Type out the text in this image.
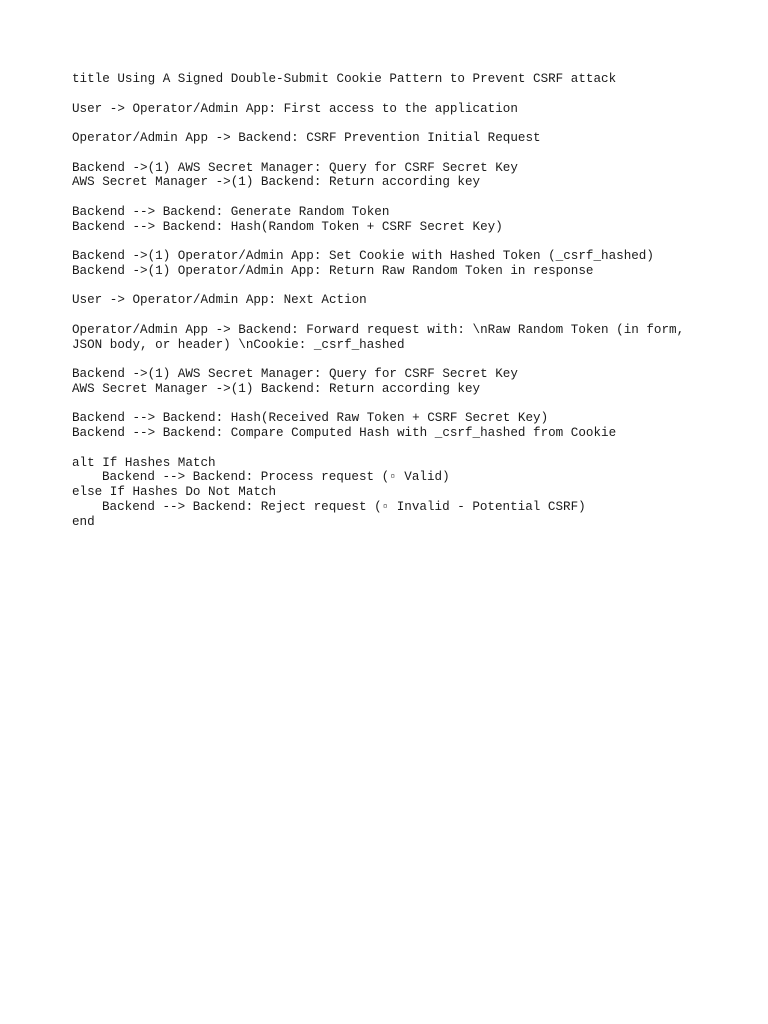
title Using A Signed Double-Submit Cookie Pattern to Prevent CSRF attack
User -> Operator/Admin App: First access to the application
Operator/Admin App -> Backend: CSRF Prevention Initial Request
Backend ->(1) AWS Secret Manager: Query for CSRF Secret Key
AWS Secret Manager ->(1) Backend: Return according key
Backend --> Backend: Generate Random Token
Backend --> Backend: Hash(Random Token + CSRF Secret Key)
Backend ->(1) Operator/Admin App: Set Cookie with Hashed Token (_csrf_hashed)
Backend ->(1) Operator/Admin App: Return Raw Random Token in response
User -> Operator/Admin App: Next Action
Operator/Admin App -> Backend: Forward request with: \nRaw Random Token (in form,
JSON body, or header) \nCookie: _csrf_hashed
Backend ->(1) AWS Secret Manager: Query for CSRF Secret Key
AWS Secret Manager ->(1) Backend: Return according key
Backend --> Backend: Hash(Received Raw Token + CSRF Secret Key)
Backend --> Backend: Compare Computed Hash with _csrf_hashed from Cookie
alt If Hashes Match
Backend --> Backend: Process request (▫ Valid)
else If Hashes Do Not Match
Backend --> Backend: Reject request (▫ Invalid - Potential CSRF)
end
